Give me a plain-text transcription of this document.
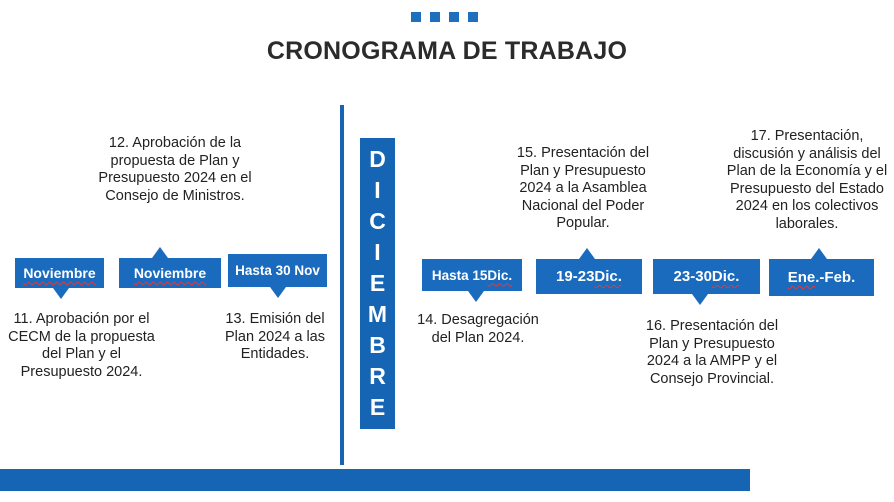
CRONOGRAMA DE TRABAJO
D
I
C
I
E
M
B
R
E
Noviembre	Noviembre Hasta 30 Nov	Hasta 15 Dic.	19-23 Dic.	23-30 Dic.	Ene .-Feb.
11. Aprobación por el CECM de la propuesta del Plan y el Presupuesto 2024.
12. Aprobación de la propuesta de Plan y Presupuesto 2024 en el Consejo de Ministros.
13. Emisión del Plan 2024 a las Entidades.
14. Desagregación del Plan 2024.
15. Presentación del Plan y Presupuesto 2024 a la Asamblea Nacional del Poder Popular.
16. Presentación del Plan y Presupuesto 2024 a la AMPP y el Consejo Provincial.
17. Presentación, discusión y análisis del Plan de la Economía y el Presupuesto del Estado 2024 en los colectivos laborales.
